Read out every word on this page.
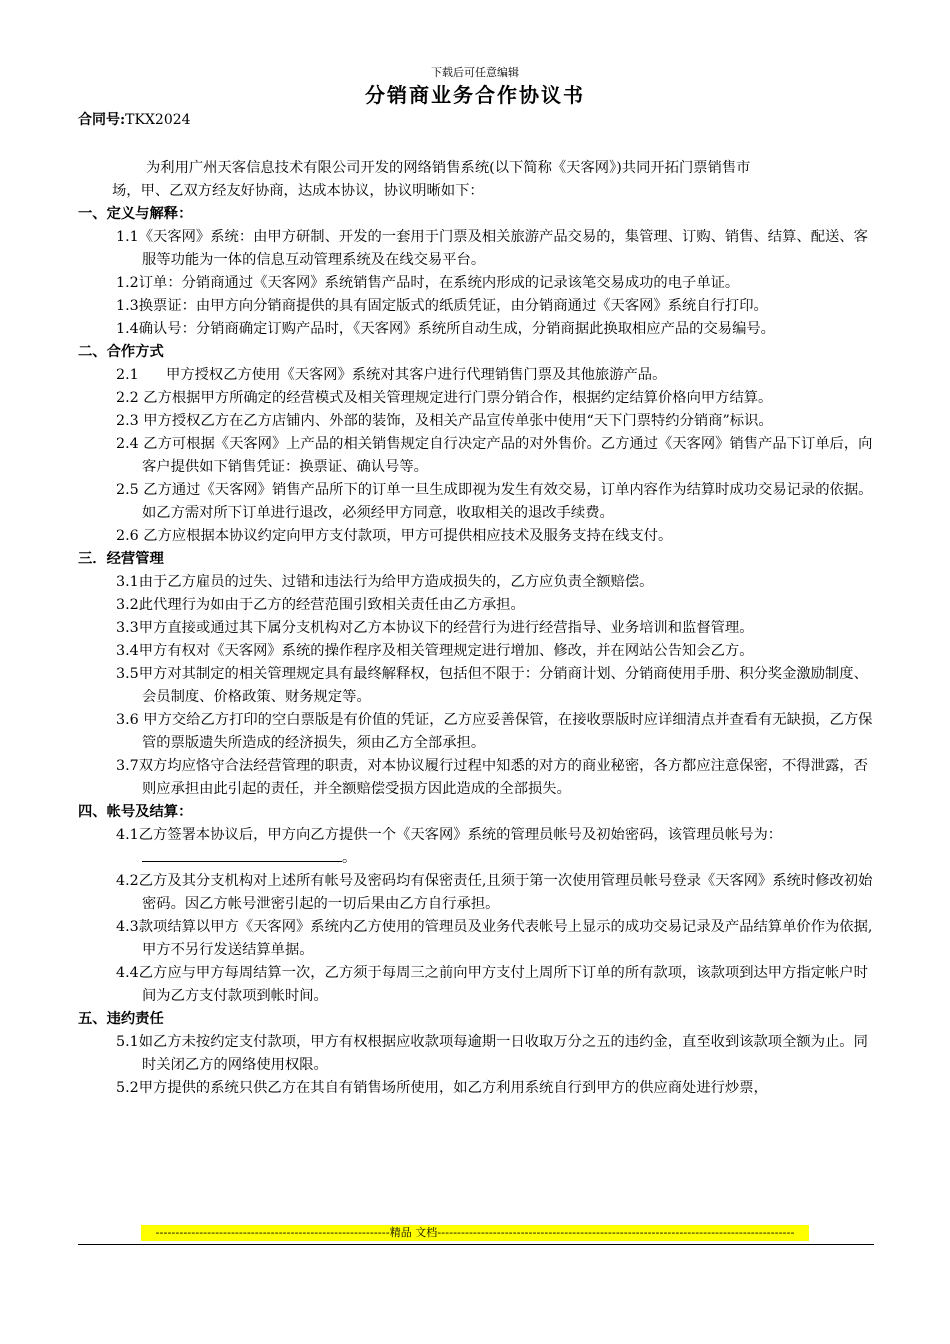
下载后可任意编辑
分销商业务合作协议书
合同号:TKX2024

为利用广州天客信息技术有限公司开发的网络销售系统(以下简称《天客网》)共同开拓门票销售市
场，甲、乙双方经友好协商，达成本协议，协议明晰如下：

一、定义与解释：

1.1《天客网》系统：由甲方研制、开发的一套用于门票及相关旅游产品交易的，集管理、订购、销售、结算、配送、客服等功能为一体的信息互动管理系统及在线交易平台。

1.2订单：分销商通过《天客网》系统销售产品时，在系统内形成的记录该笔交易成功的电子单证。

1.3换票证：由甲方向分销商提供的具有固定版式的纸质凭证，由分销商通过《天客网》系统自行打印。

1.4确认号：分销商确定订购产品时，《天客网》系统所自动生成，分销商据此换取相应产品的交易编号。

二、合作方式

2.1      甲方授权乙方使用《天客网》系统对其客户进行代理销售门票及其他旅游产品。

2.2 乙方根据甲方所确定的经营模式及相关管理规定进行门票分销合作，根据约定结算价格向甲方结算。

2.3 甲方授权乙方在乙方店铺内、外部的装饰，及相关产品宣传单张中使用“天下门票特约分销商”标识。

2.4 乙方可根据《天客网》上产品的相关销售规定自行决定产品的对外售价。乙方通过《天客网》销售产品下订单后，向客户提供如下销售凭证：换票证、确认号等。

2.5 乙方通过《天客网》销售产品所下的订单一旦生成即视为发生有效交易，订单内容作为结算时成功交易记录的依据。如乙方需对所下订单进行退改，必须经甲方同意，收取相关的退改手续费。

2.6 乙方应根据本协议约定向甲方支付款项，甲方可提供相应技术及服务支持在线支付。

三．经营管理

3.1由于乙方雇员的过失、过错和违法行为给甲方造成损失的，乙方应负责全额赔偿。

3.2此代理行为如由于乙方的经营范围引致相关责任由乙方承担。

3.3甲方直接或通过其下属分支机构对乙方本协议下的经营行为进行经营指导、业务培训和监督管理。

3.4甲方有权对《天客网》系统的操作程序及相关管理规定进行增加、修改，并在网站公告知会乙方。

3.5甲方对其制定的相关管理规定具有最终解释权，包括但不限于：分销商计划、分销商使用手册、积分奖金激励制度、会员制度、价格政策、财务规定等。

3.6 甲方交给乙方打印的空白票版是有价值的凭证，乙方应妥善保管，在接收票版时应详细清点并查看有无缺损，乙方保管的票版遗失所造成的经济损失，须由乙方全部承担。

3.7双方均应恪守合法经营管理的职责，对本协议履行过程中知悉的对方的商业秘密，各方都应注意保密，不得泄露，否则应承担由此引起的责任，并全额赔偿受损方因此造成的全部损失。

四、帐号及结算：

4.1乙方签署本协议后，甲方向乙方提供一个《天客网》系统的管理员帐号及初始密码，该管理员帐号为：。

4.2乙方及其分支机构对上述所有帐号及密码均有保密责任,且须于第一次使用管理员帐号登录《天客网》系统时修改初始密码。因乙方帐号泄密引起的一切后果由乙方自行承担。

4.3款项结算以甲方《天客网》系统内乙方使用的管理员及业务代表帐号上显示的成功交易记录及产品结算单价作为依据,甲方不另行发送结算单据。

4.4乙方应与甲方每周结算一次，乙方须于每周三之前向甲方支付上周所下订单的所有款项，该款项到达甲方指定帐户时间为乙方支付款项到帐时间。

五、违约责任

5.1如乙方未按约定支付款项，甲方有权根据应收款项每逾期一日收取万分之五的违约金，直至收到该款项全额为止。同时关闭乙方的网络使用权限。

5.2甲方提供的系统只供乙方在其自有销售场所使用，如乙方利用系统自行到甲方的供应商处进行炒票，

-----------------------------------------------------------精品 文档------------------------------------------------------------------------------------------
